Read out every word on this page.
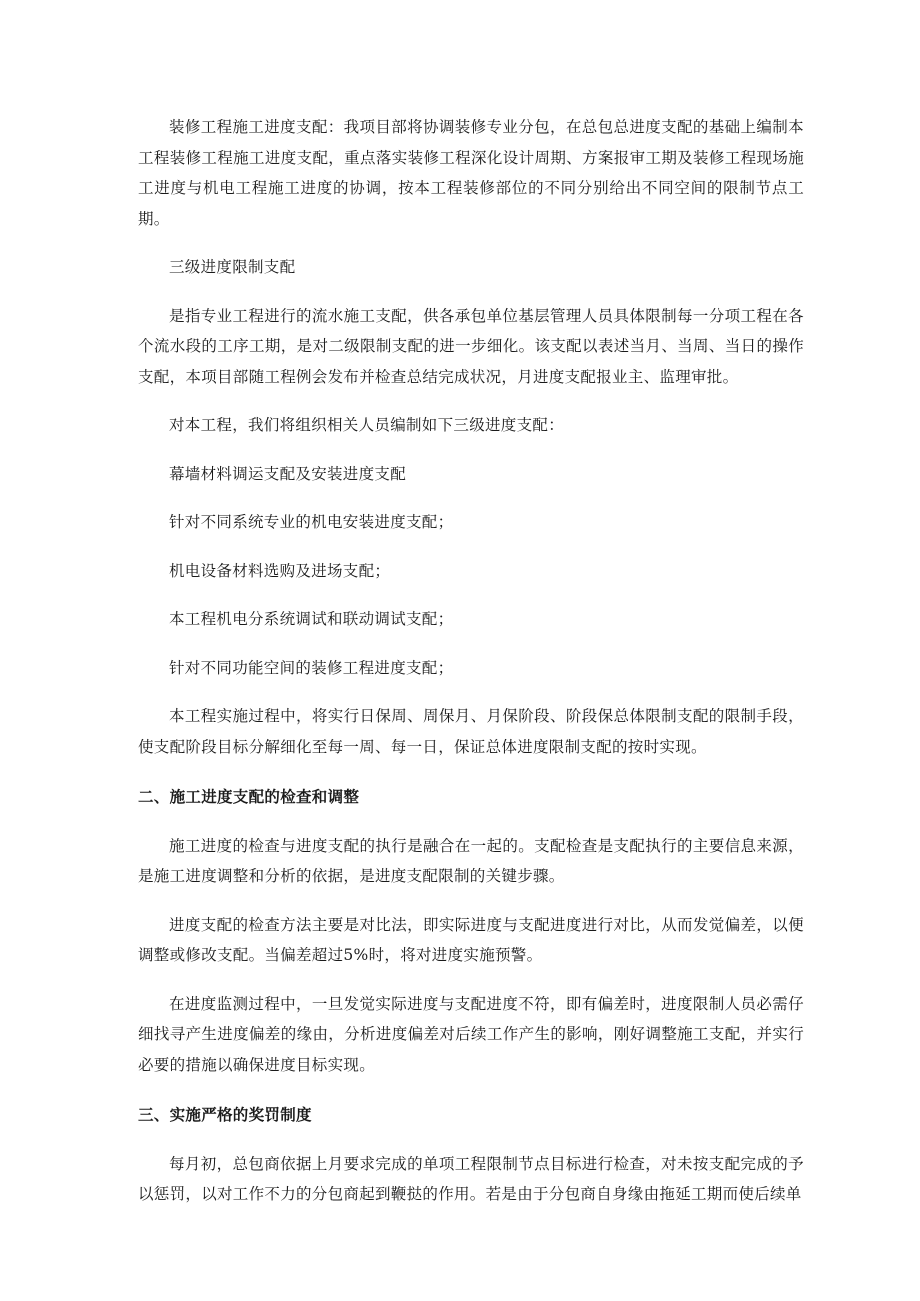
装修工程施工进度支配：我项目部将协调装修专业分包，在总包总进度支配的基础上编制本工程装修工程施工进度支配，重点落实装修工程深化设计周期、方案报审工期及装修工程现场施工进度与机电工程施工进度的协调，按本工程装修部位的不同分别给出不同空间的限制节点工期。

三级进度限制支配

是指专业工程进行的流水施工支配，供各承包单位基层管理人员具体限制每一分项工程在各个流水段的工序工期，是对二级限制支配的进一步细化。该支配以表述当月、当周、当日的操作支配，本项目部随工程例会发布并检查总结完成状况，月进度支配报业主、监理审批。

对本工程，我们将组织相关人员编制如下三级进度支配：

幕墙材料调运支配及安装进度支配

针对不同系统专业的机电安装进度支配；

机电设备材料选购及进场支配；

本工程机电分系统调试和联动调试支配；

针对不同功能空间的装修工程进度支配；

本工程实施过程中，将实行日保周、周保月、月保阶段、阶段保总体限制支配的限制手段，使支配阶段目标分解细化至每一周、每一日，保证总体进度限制支配的按时实现。

二、施工进度支配的检查和调整

施工进度的检查与进度支配的执行是融合在一起的。支配检查是支配执行的主要信息来源，是施工进度调整和分析的依据，是进度支配限制的关键步骤。

进度支配的检查方法主要是对比法，即实际进度与支配进度进行对比，从而发觉偏差，以便调整或修改支配。当偏差超过5%时，将对进度实施预警。

在进度监测过程中，一旦发觉实际进度与支配进度不符，即有偏差时，进度限制人员必需仔细找寻产生进度偏差的缘由，分析进度偏差对后续工作产生的影响，刚好调整施工支配，并实行必要的措施以确保进度目标实现。

三、实施严格的奖罚制度

每月初，总包商依据上月要求完成的单项工程限制节点目标进行检查，对未按支配完成的予以惩罚，以对工作不力的分包商起到鞭挞的作用。若是由于分包商自身缘由拖延工期而使后续单
